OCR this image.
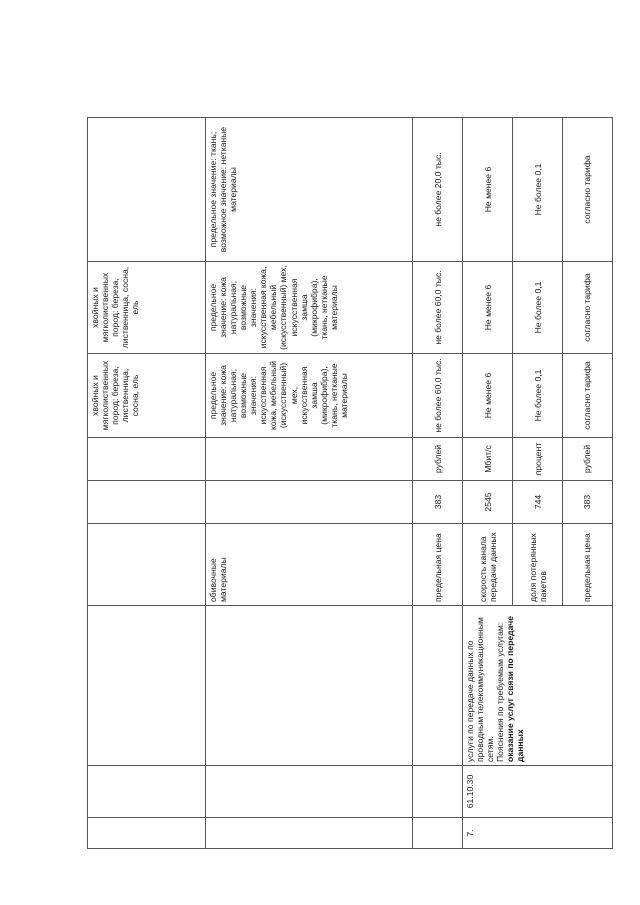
						хвойных и мягколиственных пород: береза, лиственница, сосна, ель	хвойных и мягколиственных пород: береза, лиственница, сосна, ель	
			обивочные материалы			предельное значение: кожа натуральная; возможные значения: искусственная кожа, мебельный (искусственный) мех, искусственная замша (микрофибра), ткань, нетканые материалы	предельное значение: кожа натуральная; возможные значения: искусственная кожа, мебельный (искусственный) мех, искусственная замша (микрофибра), ткань, нетканые материалы	предельное значение: ткань; возможное значение: нетканые материалы
			предельная цена	383	рублей	не более 60,0 тыс.	не более 60,0 тыс.	не более 20,0 тыс.
7.	61.10.30	услуги по передаче данных по проводным телекоммуникационным сетям. Пояснения по требуемым услугам: оказание услуг связи по передаче данных	скорость канала передачи данных	2545	Мбит/с	Не менее 6	Не менее 6	Не менее 6
			доля потерянных пакетов	744	процент	Не более 0,1	Не более 0,1	Не более 0,1
			предельная цена	383	рублей	согласно тарифа	согласно тарифа	согласно тарифа
